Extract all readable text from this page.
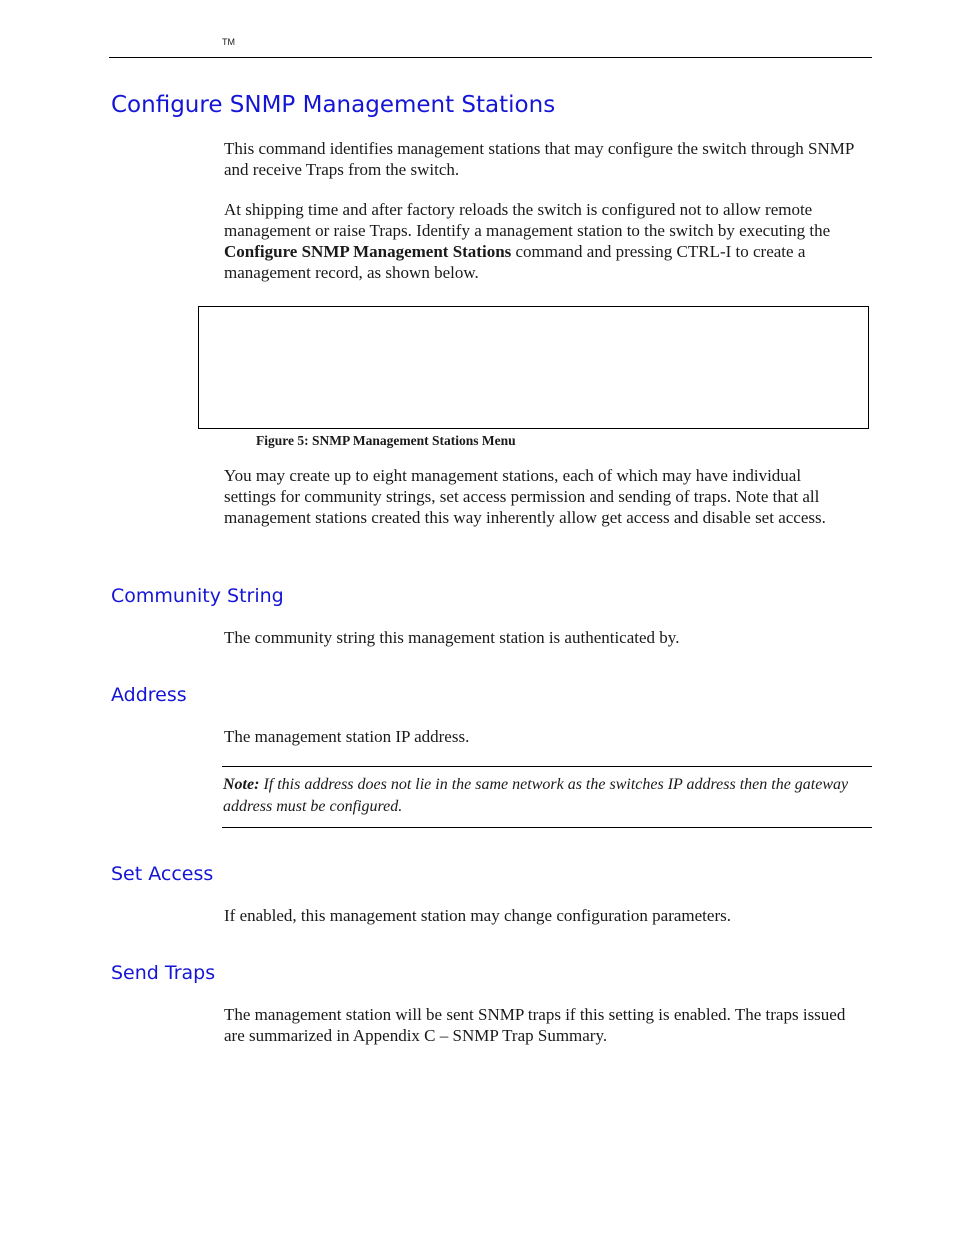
TM
Configure SNMP Management Stations

This command identifies management stations that may configure the switch through SNMP and receive Traps from the switch.

At shipping time and after factory reloads the switch is configured not to allow remote management or raise Traps. Identify a management station to the switch by executing the Configure SNMP Management Stations command and pressing CTRL-I to create a management record, as shown below.

Figure 5: SNMP Management Stations Menu

You may create up to eight management stations, each of which may have individual settings for community strings, set access permission and sending of traps. Note that all management stations created this way inherently allow get access and disable set access.

Community String

The community string this management station is authenticated by.

Address

The management station IP address.

Note: If this address does not lie in the same network as the switches IP address then the gateway address must be configured.

Set Access

If enabled, this management station may change configuration parameters.

Send Traps

The management station will be sent SNMP traps if this setting is enabled. The traps issued are summarized in Appendix C – SNMP Trap Summary.
